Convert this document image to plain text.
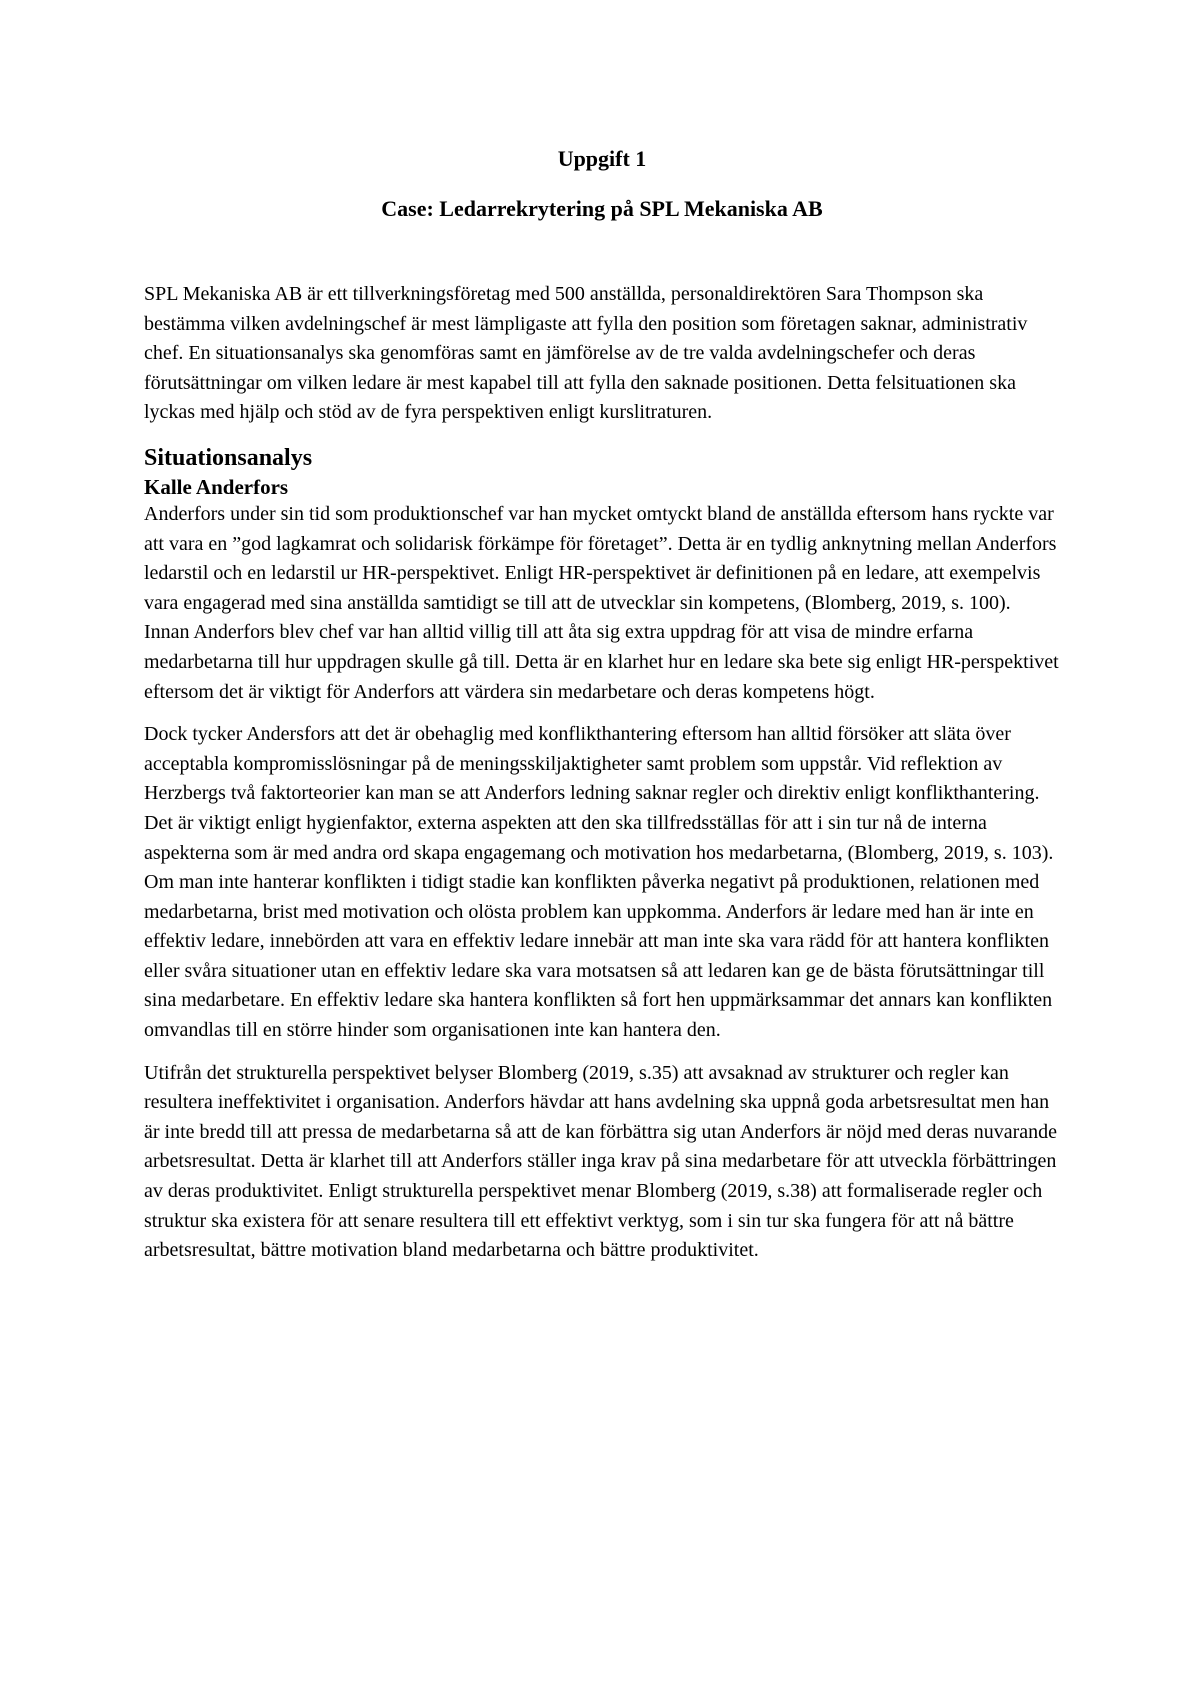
Uppgift 1
Case: Ledarrekrytering på SPL Mekaniska AB

SPL Mekaniska AB är ett tillverkningsföretag med 500 anställda, personaldirektören Sara Thompson ska bestämma vilken avdelningschef är mest lämpligaste att fylla den position som företagen saknar, administrativ chef. En situationsanalys ska genomföras samt en jämförelse av de tre valda avdelningschefer och deras förutsättningar om vilken ledare är mest kapabel till att fylla den saknade positionen. Detta felsituationen ska lyckas med hjälp och stöd av de fyra perspektiven enligt kurslitraturen.

Situationsanalys
Kalle Anderfors

Anderfors under sin tid som produktionschef var han mycket omtyckt bland de anställda eftersom hans ryckte var att vara en ”god lagkamrat och solidarisk förkämpe för företaget”. Detta är en tydlig anknytning mellan Anderfors ledarstil och en ledarstil ur HR-perspektivet. Enligt HR-perspektivet är definitionen på en ledare, att exempelvis vara engagerad med sina anställda samtidigt se till att de utvecklar sin kompetens, (Blomberg, 2019, s. 100). Innan Anderfors blev chef var han alltid villig till att åta sig extra uppdrag för att visa de mindre erfarna medarbetarna till hur uppdragen skulle gå till. Detta är en klarhet hur en ledare ska bete sig enligt HR-perspektivet eftersom det är viktigt för Anderfors att värdera sin medarbetare och deras kompetens högt.

Dock tycker Andersfors att det är obehaglig med konflikthantering eftersom han alltid försöker att släta över acceptabla kompromisslösningar på de meningsskiljaktigheter samt problem som uppstår. Vid reflektion av Herzbergs två faktorteorier kan man se att Anderfors ledning saknar regler och direktiv enligt konflikthantering. Det är viktigt enligt hygienfaktor, externa aspekten att den ska tillfredsställas för att i sin tur nå de interna aspekterna som är med andra ord skapa engagemang och motivation hos medarbetarna, (Blomberg, 2019, s. 103). Om man inte hanterar konflikten i tidigt stadie kan konflikten påverka negativt på produktionen, relationen med medarbetarna, brist med motivation och olösta problem kan uppkomma. Anderfors är ledare med han är inte en effektiv ledare, innebörden att vara en effektiv ledare innebär att man inte ska vara rädd för att hantera konflikten eller svåra situationer utan en effektiv ledare ska vara motsatsen så att ledaren kan ge de bästa förutsättningar till sina medarbetare. En effektiv ledare ska hantera konflikten så fort hen uppmärksammar det annars kan konflikten omvandlas till en större hinder som organisationen inte kan hantera den.

Utifrån det strukturella perspektivet belyser Blomberg (2019, s.35) att avsaknad av strukturer och regler kan resultera ineffektivitet i organisation. Anderfors hävdar att hans avdelning ska uppnå goda arbetsresultat men han är inte bredd till att pressa de medarbetarna så att de kan förbättra sig utan Anderfors är nöjd med deras nuvarande arbetsresultat. Detta är klarhet till att Anderfors ställer inga krav på sina medarbetare för att utveckla förbättringen av deras produktivitet. Enligt strukturella perspektivet menar Blomberg (2019, s.38) att formaliserade regler och struktur ska existera för att senare resultera till ett effektivt verktyg, som i sin tur ska fungera för att nå bättre arbetsresultat, bättre motivation bland medarbetarna och bättre produktivitet.
